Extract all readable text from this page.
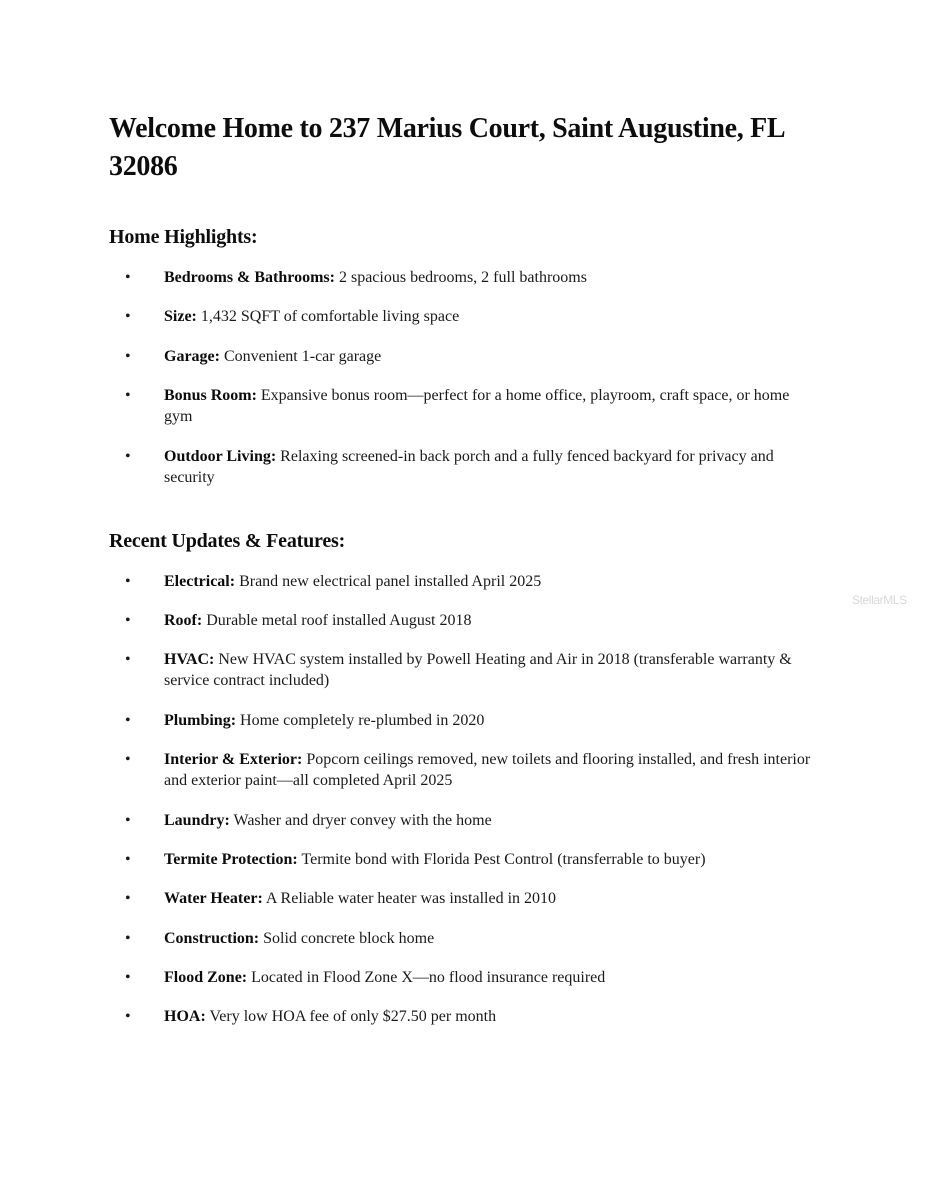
Welcome Home to 237 Marius Court, Saint Augustine, FL 32086
Home Highlights:
• Bedrooms & Bathrooms: 2 spacious bedrooms, 2 full bathrooms
• Size: 1,432 SQFT of comfortable living space
• Garage: Convenient 1-car garage
• Bonus Room: Expansive bonus room—perfect for a home office, playroom, craft space, or home gym
• Outdoor Living: Relaxing screened-in back porch and a fully fenced backyard for privacy and security
Recent Updates & Features:
• Electrical: Brand new electrical panel installed April 2025
• Roof: Durable metal roof installed August 2018
• HVAC: New HVAC system installed by Powell Heating and Air in 2018 (transferable warranty & service contract included)
• Plumbing: Home completely re-plumbed in 2020
• Interior & Exterior: Popcorn ceilings removed, new toilets and flooring installed, and fresh interior and exterior paint—all completed April 2025
• Laundry: Washer and dryer convey with the home
• Termite Protection: Termite bond with Florida Pest Control (transferrable to buyer)
• Water Heater: A Reliable water heater was installed in 2010
• Construction: Solid concrete block home
• Flood Zone: Located in Flood Zone X—no flood insurance required
• HOA: Very low HOA fee of only $27.50 per month
StellarMLS
